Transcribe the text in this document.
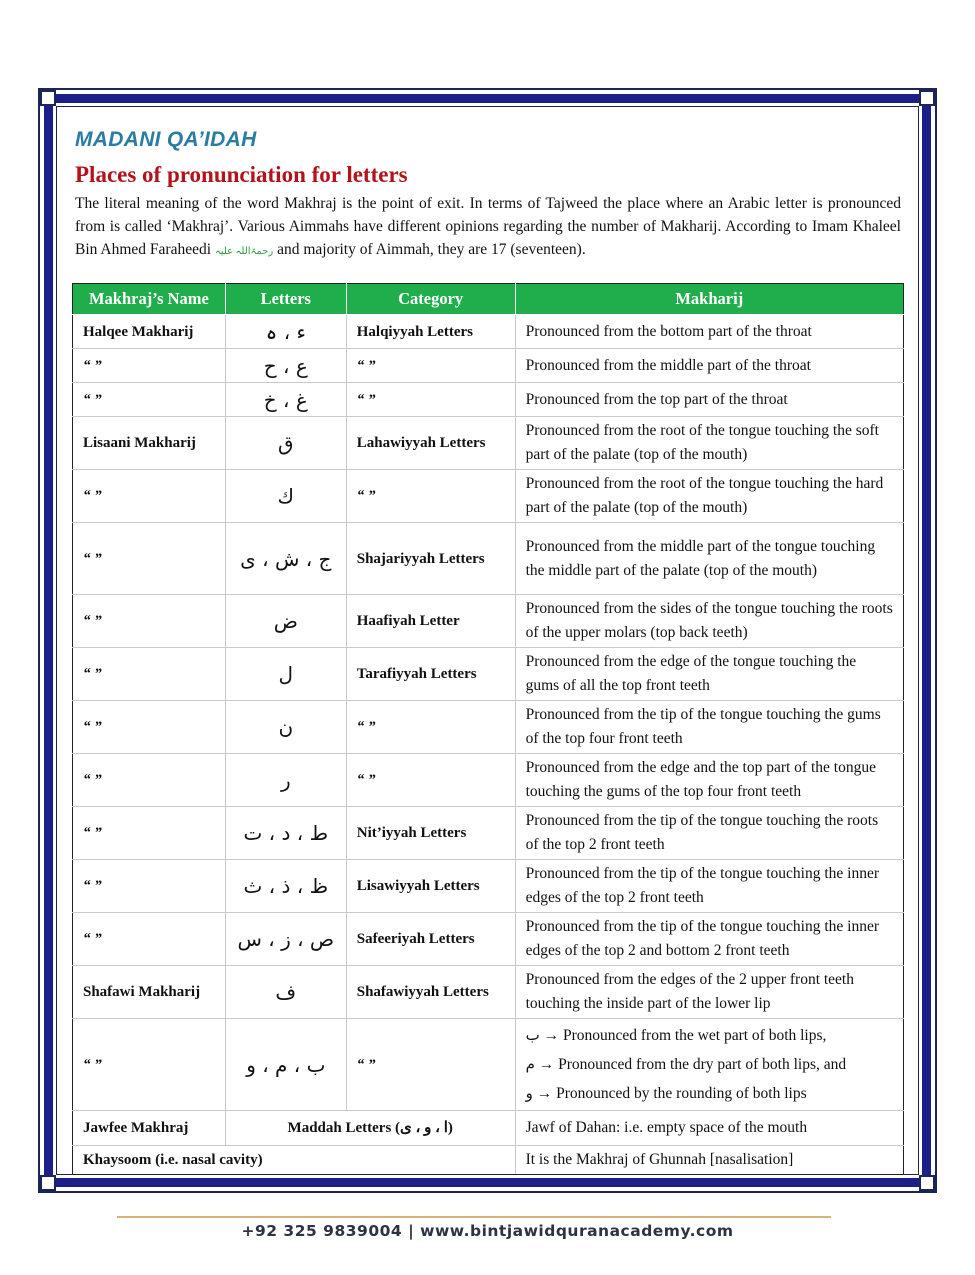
MADANI QA’IDAH
Places of pronunciation for letters

The literal meaning of the word Makhraj is the point of exit. In terms of Tajweed the place where an Arabic letter is pronounced from is called ‘Makhraj’. Various Aimmahs have different opinions regarding the number of Makharij. According to Imam Khaleel Bin Ahmed Faraheedi رحمۃاللہ علیہ and majority of Aimmah, they are 17 (seventeen).

Makhraj’s Name	Letters	Category	Makharij
Halqee Makharij	ء ، ہ	Halqiyyah Letters	Pronounced from the bottom part of the throat
“ ”	ع ، ح	“ ”	Pronounced from the middle part of the throat
“ ”	غ ، خ	“ ”	Pronounced from the top part of the throat
Lisaani Makharij	ق	Lahawiyyah Letters	Pronounced from the root of the tongue touching the soft part of the palate (top of the mouth)
“ ”	ك	“ ”	Pronounced from the root of the tongue touching the hard part of the palate (top of the mouth)
“ ”	ج ، ش ، ی	Shajariyyah Letters	Pronounced from the middle part of the tongue touching the middle part of the palate (top of the mouth)
“ ”	ض	Haafiyah Letter	Pronounced from the sides of the tongue touching the roots of the upper molars (top back teeth)
“ ”	ل	Tarafiyyah Letters	Pronounced from the edge of the tongue touching the gums of all the top front teeth
“ ”	ن	“ ”	Pronounced from the tip of the tongue touching the gums of the top four front teeth
“ ”	ر	“ ”	Pronounced from the edge and the top part of the tongue touching the gums of the top four front teeth
“ ”	ط ، د ، ت	Nit’iyyah Letters	Pronounced from the tip of the tongue touching the roots of the top 2 front teeth
“ ”	ظ ، ذ ، ث	Lisawiyyah Letters	Pronounced from the tip of the tongue touching the inner edges of the top 2 front teeth
“ ”	ص ، ز ، س	Safeeriyah Letters	Pronounced from the tip of the tongue touching the inner edges of the top 2 and bottom 2 front teeth
Shafawi Makharij	ف	Shafawiyyah Letters	Pronounced from the edges of the 2 upper front teeth touching the inside part of the lower lip
“ ”	ب ، م ، و	“ ”	ب → Pronounced from the wet part of both lips,
م → Pronounced from the dry part of both lips, and
و → Pronounced by the rounding of both lips

Jawfee Makhraj	Maddah Letters (ا ، و ، ی)		Jawf of Dahan: i.e. empty space of the mouth
Khaysoom (i.e. nasal cavity)			It is the Makhraj of Ghunnah [nasalisation]
+92 325 9839004 | www.bintjawidquranacademy.com
